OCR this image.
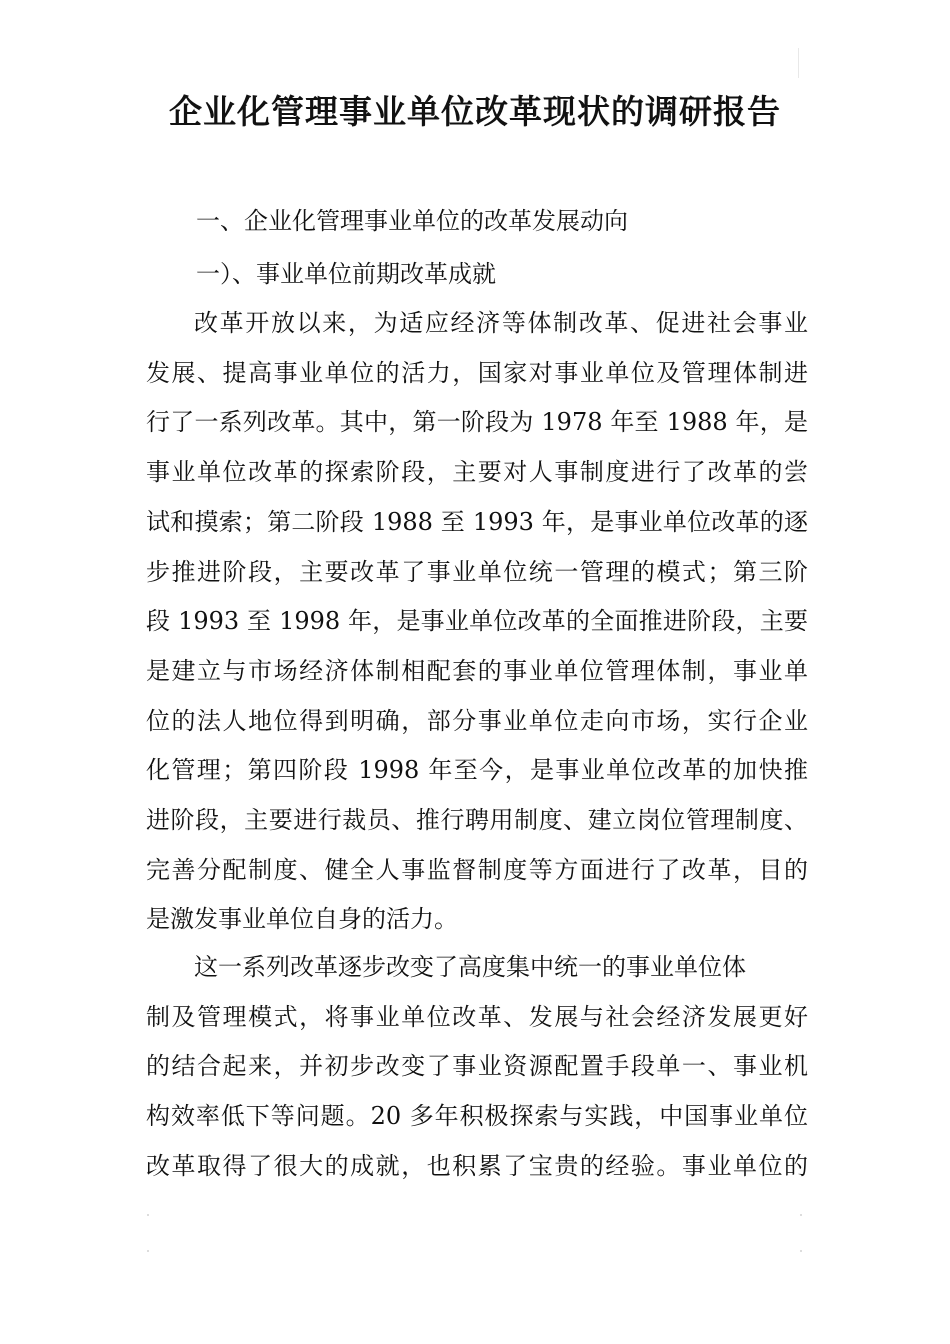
企业化管理事业单位改革现状的调研报告

一、企业化管理事业单位的改革发展动向

一）、事业单位前期改革成就

改革开放以来，为适应经济等体制改革、促进社会事业
发展、提高事业单位的活力，国家对事业单位及管理体制进
行了一系列改革。其中，第一阶段为 1978 年至 1988 年，是
事业单位改革的探索阶段，主要对人事制度进行了改革的尝
试和摸索；第二阶段 1988 至 1993 年，是事业单位改革的逐
步推进阶段，主要改革了事业单位统一管理的模式；第三阶
段 1993 至 1998 年，是事业单位改革的全面推进阶段，主要
是建立与市场经济体制相配套的事业单位管理体制，事业单
位的法人地位得到明确，部分事业单位走向市场，实行企业
化管理；第四阶段 1998 年至今，是事业单位改革的加快推
进阶段，主要进行裁员、推行聘用制度、建立岗位管理制度、
完善分配制度、健全人事监督制度等方面进行了改革，目的
是激发事业单位自身的活力。
这一系列改革逐步改变了高度集中统一的事业单位体
制及管理模式，将事业单位改革、发展与社会经济发展更好
的结合起来，并初步改变了事业资源配置手段单一、事业机
构效率低下等问题。20 多年积极探索与实践，中国事业单位
改革取得了很大的成就，也积累了宝贵的经验。事业单位的
